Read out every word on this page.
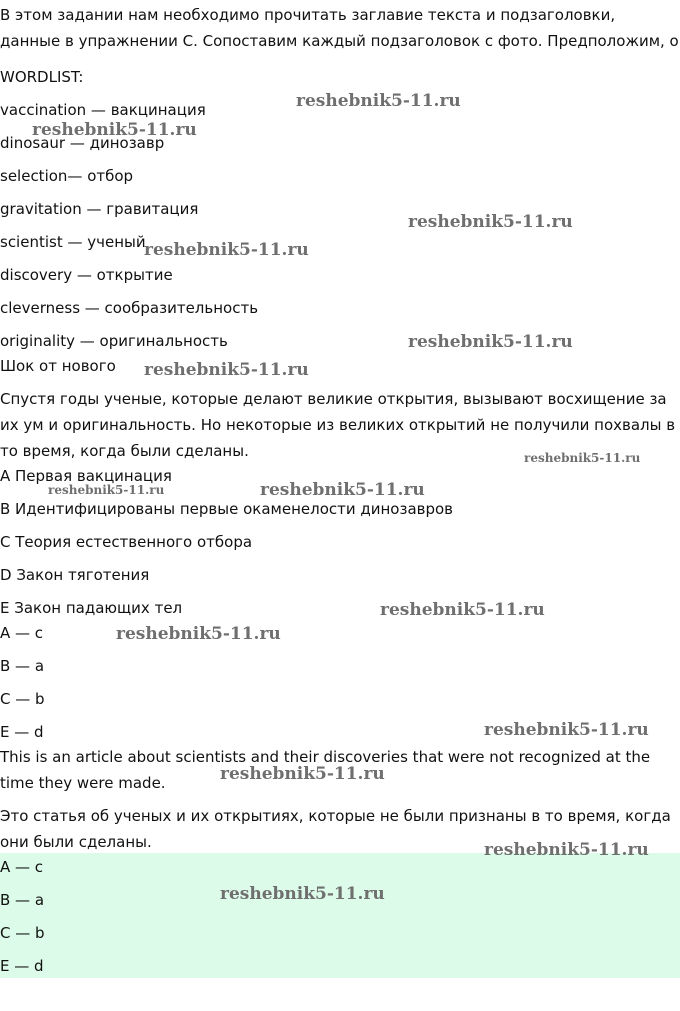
В этом задании нам необходимо прочитать заглавие текста и подзаголовки, данные в упражнении C. Сопоставим каждый подзаголовок с фото. Предположим, о

WORDLIST:

vaccination — вакцинация

dinosaur — динозавр

selection— отбор

gravitation — гравитация

scientist — ученый

discovery — открытие

cleverness — сообразительность

originality — оригинальность

Шок от нового

Спустя годы ученые, которые делают великие открытия, вызывают восхищение за их ум и оригинальность. Но некоторые из великих открытий не получили похвалы в то время, когда были сделаны.

A Первая вакцинация

B Идентифицированы первые окаменелости динозавров

C Теория естественного отбора

D Закон тяготения

E Закон падающих тел

A — c

B — a

C — b

E — d

This is an article about scientists and their discoveries that were not recognized at the time they were made.

Это статья об ученых и их открытиях, которые не были признаны в то время, когда они были сделаны.

A — c

B — a

C — b

E — d

reshebnik5-11.ru
reshebnik5-11.ru
reshebnik5-11.ru
reshebnik5-11.ru
reshebnik5-11.ru
reshebnik5-11.ru
reshebnik5-11.ru
reshebnik5-11.ru	reshebnik5-11.ru
reshebnik5-11.ru
reshebnik5-11.ru
reshebnik5-11.ru
reshebnik5-11.ru
reshebnik5-11.ru
reshebnik5-11.ru
